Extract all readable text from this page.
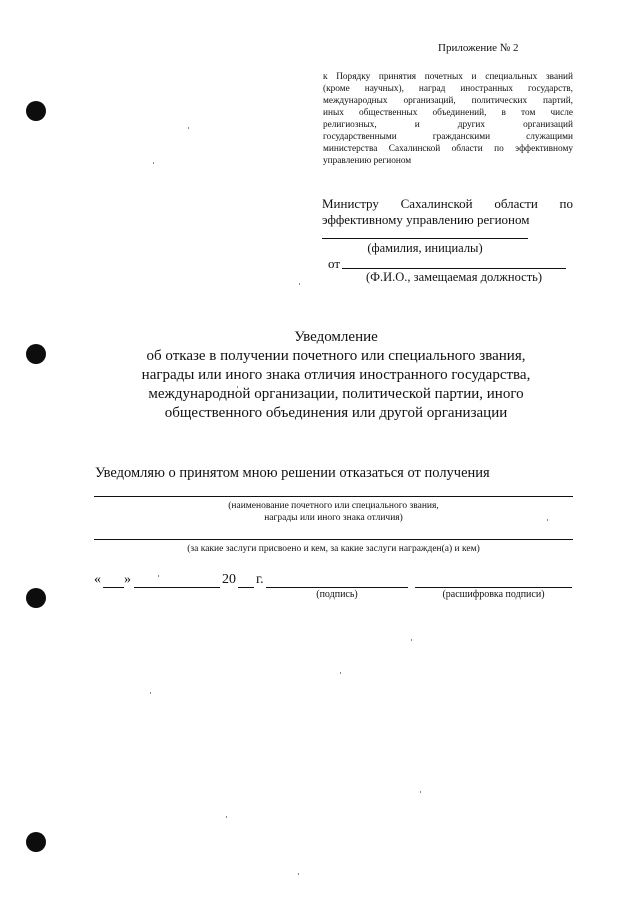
Приложение № 2
к Порядку принятия почетных и специальных званий
(кроме научных), наград иностранных государств,
международных организаций, политических партий,
иных общественных объединений, в том числе
религиозных, и других организаций
государственными гражданскими служащими
министерства Сахалинской области по эффективному
управлению регионом
Министру Сахалинской области по
эффективному управлению регионом
(фамилия, инициалы)
от
(Ф.И.О., замещаемая должность)
Уведомление
об отказе в получении почетного или специального звания,
награды или иного знака отличия иностранного государства,
международной организации, политической партии, иного
общественного объединения или другой организации
Уведомляю о принятом мною решении отказаться от получения
(наименование почетного или специального звания,
награды или иного знака отличия)
(за какие заслуги присвоено и кем, за какие заслуги награжден(а) и кем)
« »	20 г.
(подпись)	(расшифровка подписи)
